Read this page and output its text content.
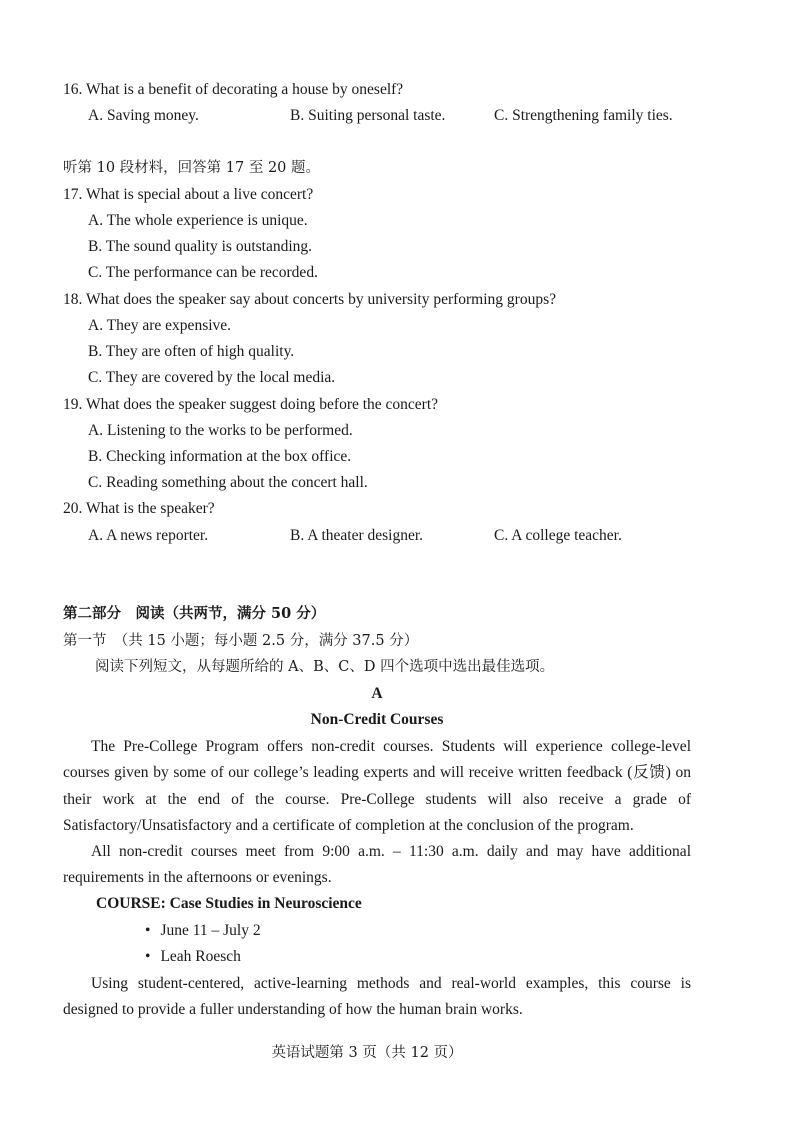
16. What is a benefit of decorating a house by oneself?
A. Saving money.	B. Suiting personal taste.	C. Strengthening family ties.
听第 10 段材料，回答第 17 至 20 题。
17. What is special about a live concert?
A. The whole experience is unique.
B. The sound quality is outstanding.
C. The performance can be recorded.
18. What does the speaker say about concerts by university performing groups?
A. They are expensive.
B. They are often of high quality.
C. They are covered by the local media.
19. What does the speaker suggest doing before the concert?
A. Listening to the works to be performed.
B. Checking information at the box office.
C. Reading something about the concert hall.
20. What is the speaker?
A. A news reporter.	B. A theater designer.	C. A college teacher.
第二部分　阅读（共两节，满分 50 分）
第一节　（共 15 小题；每小题 2.5 分，满分 37.5 分）
阅读下列短文，从每题所给的 A、B、C、D 四个选项中选出最佳选项。
A
Non-Credit Courses
The Pre-College Program offers non-credit courses. Students will experience college-level courses given by some of our college’s leading experts and will receive written feedback (反馈) on their work at the end of the course. Pre-College students will also receive a grade of Satisfactory/Unsatisfactory and a certificate of completion at the conclusion of the program.
All non-credit courses meet from 9:00 a.m. – 11:30 a.m. daily and may have additional requirements in the afternoons or evenings.
COURSE: Case Studies in Neuroscience
• June 11 – July 2
• Leah Roesch
Using student-centered, active-learning methods and real-world examples, this course is designed to provide a fuller understanding of how the human brain works.
英语试题第 3 页（共 12 页）
